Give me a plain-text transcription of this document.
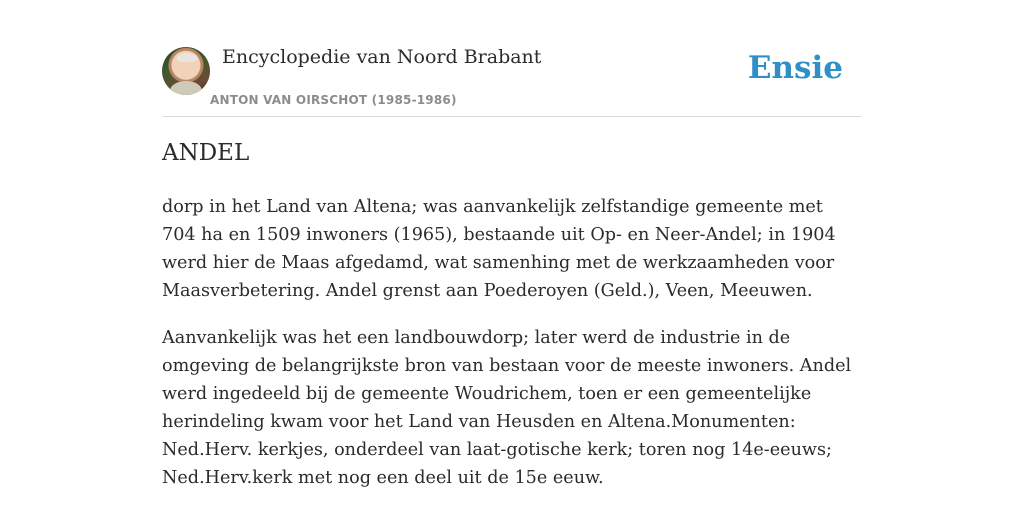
Encyclopedie van Noord Brabant
ANTON VAN OIRSCHOT (1985-1986)
Ensie
ANDEL

dorp in het Land van Altena; was aanvankelijk zelfstandige gemeente met 704 ha en 1509 inwoners (1965), bestaande uit Op- en Neer-Andel; in 1904 werd hier de Maas afgedamd, wat samenhing met de werkzaamheden voor Maasverbetering. Andel grenst aan Poederoyen (Geld.), Veen, Meeuwen.

Aanvankelijk was het een landbouwdorp; later werd de industrie in de omgeving de belangrijkste bron van bestaan voor de meeste inwoners. Andel werd ingedeeld bij de gemeente Woudrichem, toen er een gemeentelijke herindeling kwam voor het Land van Heusden en Altena.Monumenten: Ned.Herv. kerkjes, onderdeel van laat-gotische kerk; toren nog 14e-eeuws; Ned.Herv.kerk met nog een deel uit de 15e eeuw.
